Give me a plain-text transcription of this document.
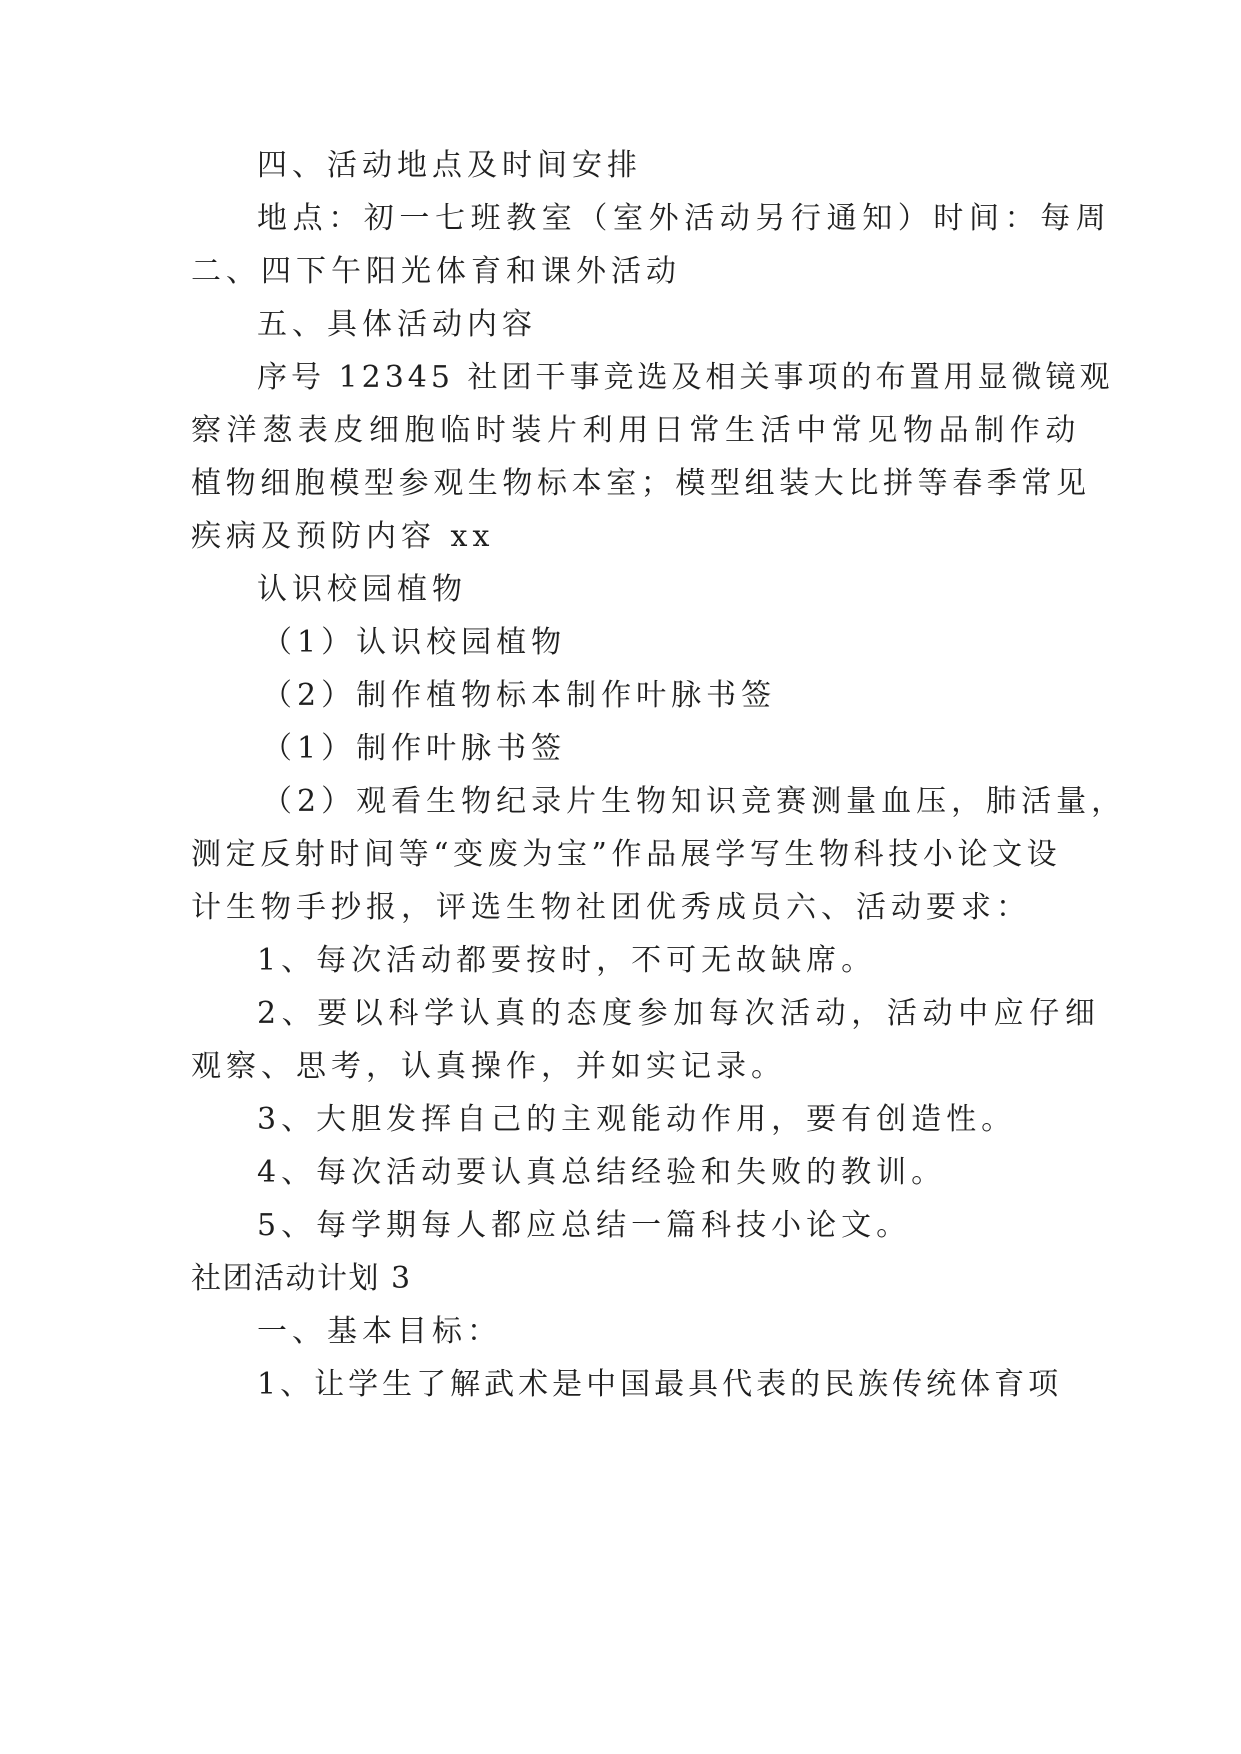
四、活动地点及时间安排

地点：初一七班教室（室外活动另行通知）时间：每周

二、四下午阳光体育和课外活动

五、具体活动内容

序号 12345 社团干事竞选及相关事项的布置用显微镜观

察洋葱表皮细胞临时装片利用日常生活中常见物品制作动

植物细胞模型参观生物标本室；模型组装大比拼等春季常见

疾病及预防内容 xx

认识校园植物

（1）认识校园植物

（2）制作植物标本制作叶脉书签

（1）制作叶脉书签

（2）观看生物纪录片生物知识竞赛测量血压，肺活量，

测定反射时间等“变废为宝”作品展学写生物科技小论文设

计生物手抄报，评选生物社团优秀成员六、活动要求：

1、每次活动都要按时，不可无故缺席。

2、要以科学认真的态度参加每次活动，活动中应仔细

观察、思考，认真操作，并如实记录。

3、大胆发挥自己的主观能动作用，要有创造性。

4、每次活动要认真总结经验和失败的教训。

5、每学期每人都应总结一篇科技小论文。

社团活动计划 3

一、基本目标：

1、让学生了解武术是中国最具代表的民族传统体育项
